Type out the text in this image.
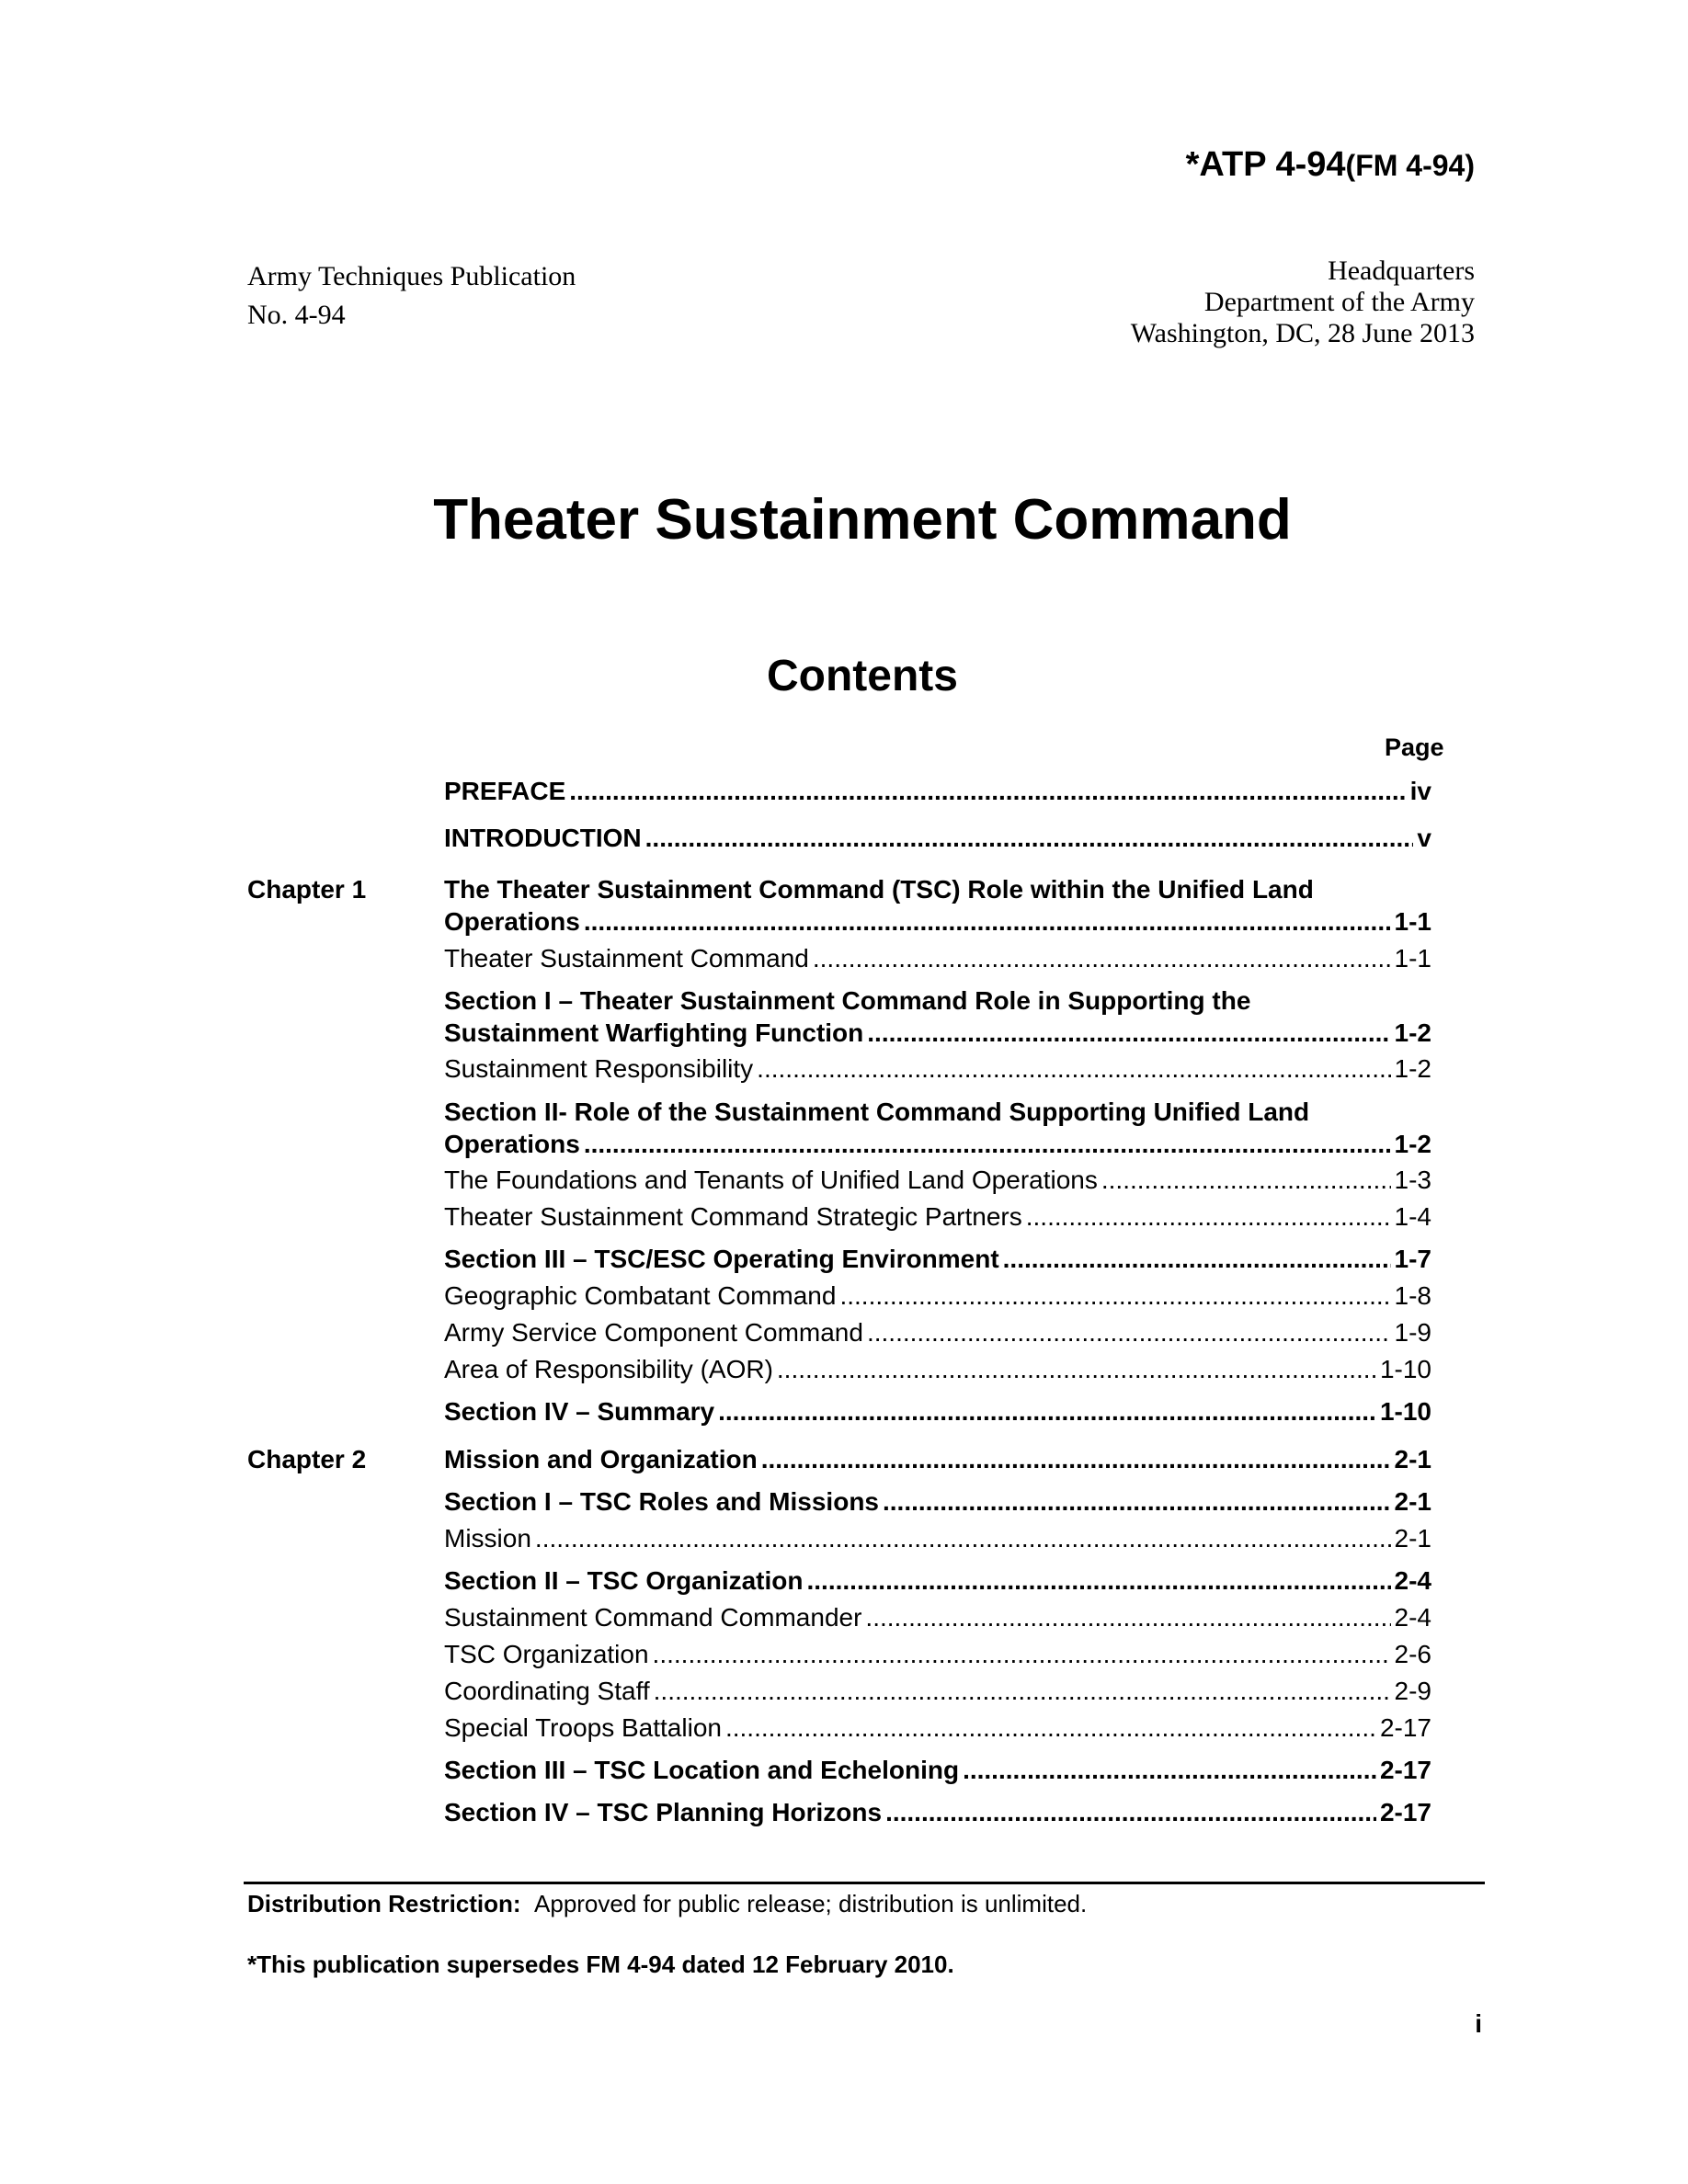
*ATP 4-94(FM 4-94)
Army Techniques Publication
No. 4-94
Headquarters
Department of the Army
Washington, DC, 28 June 2013
Theater Sustainment Command
Contents
Page
PREFACE .....	iv
INTRODUCTION .....	v
Chapter 1	The Theater Sustainment Command (TSC) Role within the Unified Land
Operations .....	1-1
Theater Sustainment Command .....	1-1
Section I – Theater Sustainment Command Role in Supporting the
Sustainment Warfighting Function .....	1-2
Sustainment Responsibility .....	1-2
Section II- Role of the Sustainment Command Supporting Unified Land
Operations .....	1-2
The Foundations and Tenants of Unified Land Operations .....	1-3
Theater Sustainment Command Strategic Partners .....	1-4
Section III – TSC/ESC Operating Environment .....	1-7
Geographic Combatant Command .....	1-8
Army Service Component Command .....	1-9
Area of Responsibility (AOR) .....	1-10
Section IV – Summary .....	1-10
Chapter 2	Mission and Organization .....	2-1
Section I – TSC Roles and Missions .....	2-1
Mission .....	2-1
Section II – TSC Organization .....	2-4
Sustainment Command Commander .....	2-4
TSC Organization .....	2-6
Coordinating Staff .....	2-9
Special Troops Battalion .....	2-17
Section III – TSC Location and Echeloning .....	2-17
Section IV – TSC Planning Horizons .....	2-17
Distribution Restriction: Approved for public release; distribution is unlimited.
*This publication supersedes FM 4-94 dated 12 February 2010.
i
